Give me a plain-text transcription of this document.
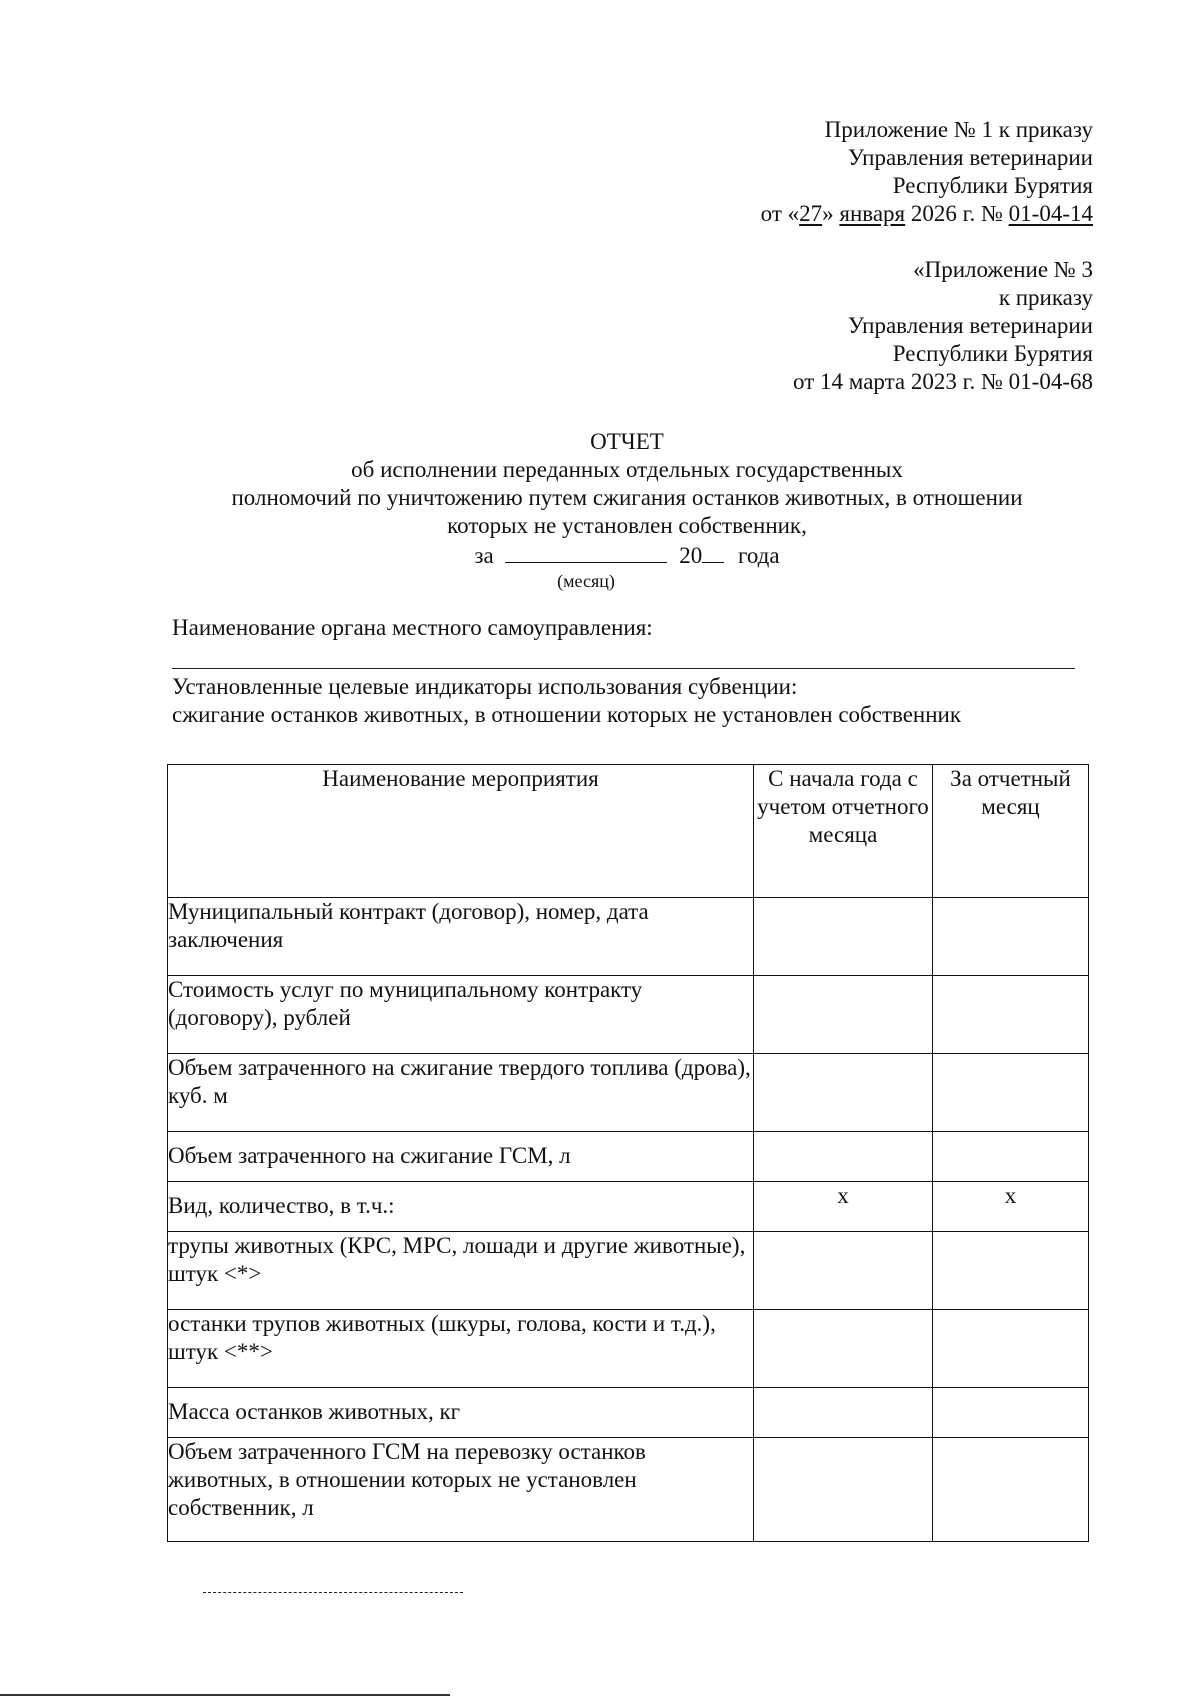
Приложение № 1 к приказу
Управления ветеринарии
Республики Бурятия
от «27» января 2026 г. № 01-04-14
«Приложение № 3
к приказу
Управления ветеринарии
Республики Бурятия
от 14 марта 2023 г. № 01-04-68
ОТЧЕТ
об исполнении переданных отдельных государственных
полномочий по уничтожению путем сжигания останков животных, в отношении
которых не установлен собственник,
за	20 года
(месяц)
Наименование органа местного самоуправления:
Установленные целевые индикаторы использования субвенции:
сжигание останков животных, в отношении которых не установлен собственник
Наименование мероприятия	С начала года с учетом отчетного месяца	За отчетный месяц
Муниципальный контракт (договор), номер, дата заключения		
Стоимость услуг по муниципальному контракту (договору), рублей		
Объем затраченного на сжигание твердого топлива (дрова), куб. м		
Объем затраченного на сжигание ГСМ, л		
Вид, количество, в т.ч.:	х	х
трупы животных (КРС, МРС, лошади и другие животные), штук <*>		
останки трупов животных (шкуры, голова, кости и т.д.), штук <**>		
Масса останков животных, кг		
Объем затраченного ГСМ на перевозку останков животных, в отношении которых не установлен собственник, л		
